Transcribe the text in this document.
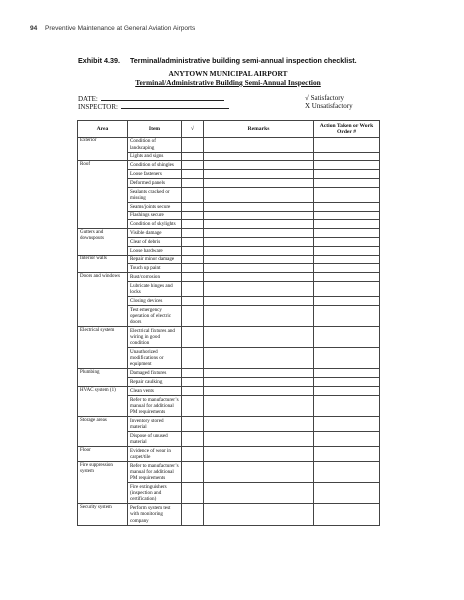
94 Preventive Maintenance at General Aviation Airports
Exhibit 4.39. Terminal/administrative building semi-annual inspection checklist.
ANYTOWN MUNICIPAL AIRPORT
Terminal/Administrative Building Semi-Annual Inspection
DATE:
INSPECTOR:
√ Satisfactory
X Unsatisfactory
Area	Item	√	Remarks	Action Taken or Work Order #
Exterior	Condition of landscaping			
	Lights and signs			
Roof	Condition of shingles			
	Loose fasteners			
	Deformed panels			
	Sealants cracked or missing			
	Seams/joints secure			
	Flashings secure			
	Condition of skylights			
Gutters and downspouts	Visible damage			
	Clear of debris			
	Loose hardware			
Interior walls	Repair minor damage			
	Touch up paint			
Doors and windows	Rust/corrosion			
	Lubricate hinges and locks			
	Closing devices			
	Test emergency operation of electric doors			
Electrical system	Electrical fixtures and wiring in good condition			
	Unauthorized modifications or equipment			
Plumbing	Damaged fixtures			
	Repair caulking			
HVAC system (1)	Clean vents			
	Refer to manufacturer’s manual for additional PM requirements			
Storage areas	Inventory stored material			
	Dispose of unused material			
Floor	Evidence of wear in carpet/tile			
Fire suppression system	Refer to manufacturer’s manual for additional PM requirements			
	Fire extinguishers (inspection and certification)			
Security system	Perform system test with monitoring company			
